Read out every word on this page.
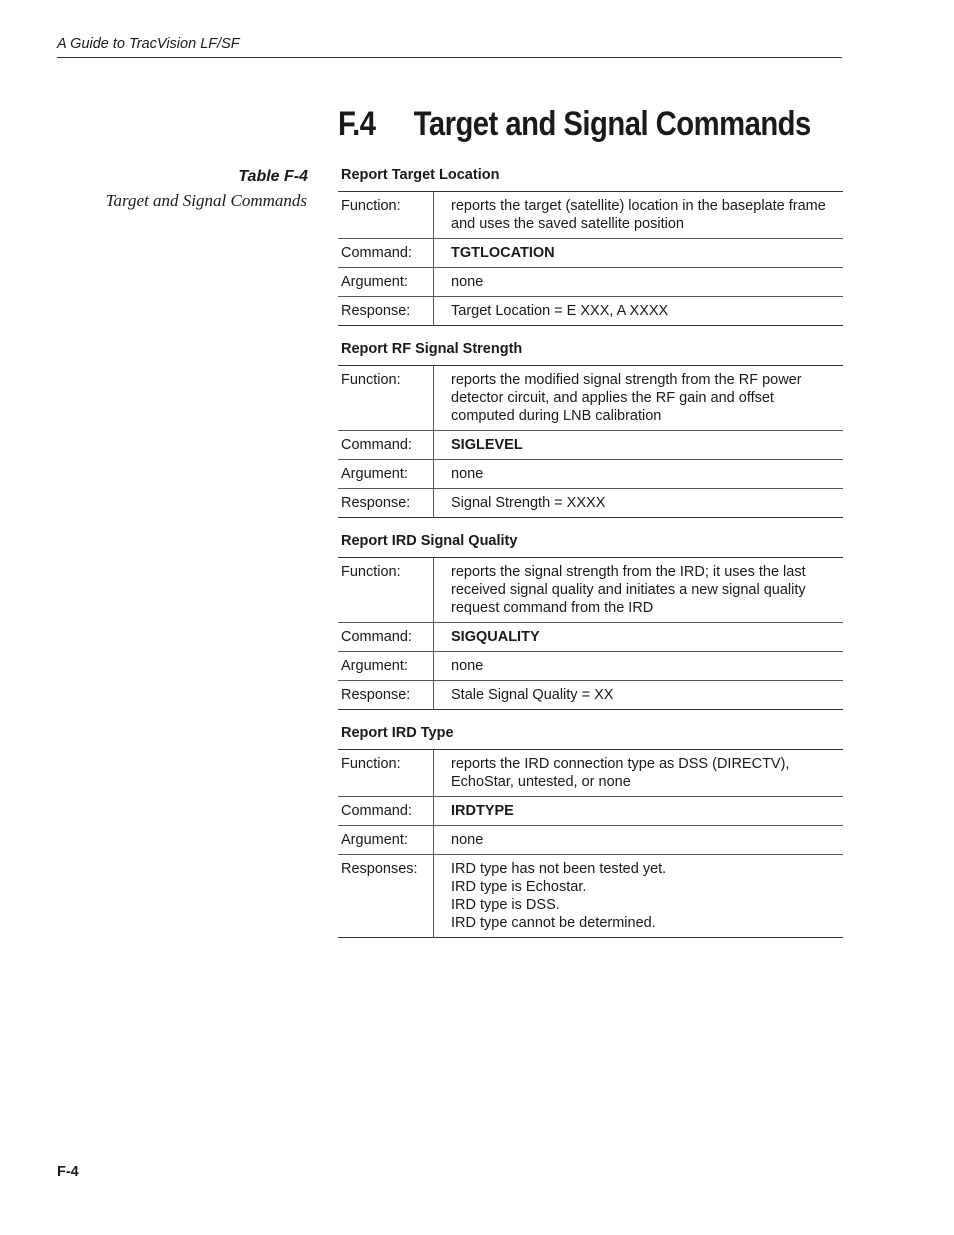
A Guide to TracVision LF/SF
F.4 Target and Signal Commands
Table F-4
Target and Signal Commands
Report Target Location
Function:	reports the target (satellite) location in the baseplate frame and uses the saved satellite position
Command:	TGTLOCATION
Argument:	none
Response:	Target Location = E XXX, A XXXX
Report RF Signal Strength
Function:	reports the modified signal strength from the RF power detector circuit, and applies the RF gain and offset computed during LNB calibration
Command:	SIGLEVEL
Argument:	none
Response:	Signal Strength = XXXX
Report IRD Signal Quality
Function:	reports the signal strength from the IRD; it uses the last received signal quality and initiates a new signal quality request command from the IRD
Command:	SIGQUALITY
Argument:	none
Response:	Stale Signal Quality = XX
Report IRD Type
Function:	reports the IRD connection type as DSS (DIRECTV), EchoStar, untested, or none
Command:	IRDTYPE
Argument:	none
Responses:	IRD type has not been tested yet.
IRD type is Echostar.
IRD type is DSS.
IRD type cannot be determined.
F-4
